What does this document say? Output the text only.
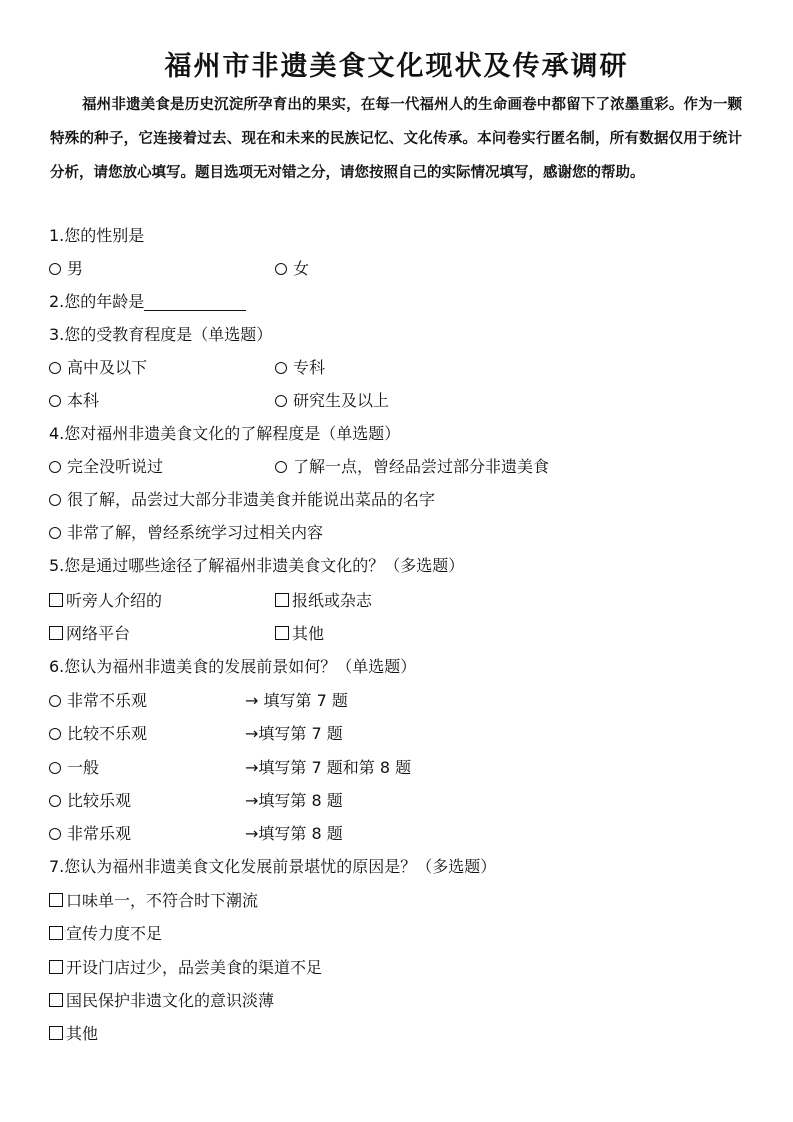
福州市非遗美食文化现状及传承调研

福州非遗美食是历史沉淀所孕育出的果实，在每一代福州人的生命画卷中都留下了浓墨重彩。作为一颗特殊的种子，它连接着过去、现在和未来的民族记忆、文化传承。本问卷实行匿名制，所有数据仅用于统计分析，请您放心填写。题目选项无对错之分，请您按照自己的实际情况填写，感谢您的帮助。

1.您的性别是
男	女
2.您的年龄是
3.您的受教育程度是（单选题）
高中及以下	专科
本科	研究生及以上
4.您对福州非遗美食文化的了解程度是（单选题）
完全没听说过	了解一点，曾经品尝过部分非遗美食
很了解，品尝过大部分非遗美食并能说出菜品的名字
非常了解，曾经系统学习过相关内容
5.您是通过哪些途径了解福州非遗美食文化的？（多选题）
听旁人介绍的	报纸或杂志
网络平台	其他
6.您认为福州非遗美食的发展前景如何？（单选题）
非常不乐观	→ 填写第 7 题
比较不乐观	→填写第 7 题
一般	→填写第 7 题和第 8 题
比较乐观	→填写第 8 题
非常乐观	→填写第 8 题
7.您认为福州非遗美食文化发展前景堪忧的原因是？（多选题）
口味单一，不符合时下潮流
宣传力度不足
开设门店过少，品尝美食的渠道不足
国民保护非遗文化的意识淡薄
其他
